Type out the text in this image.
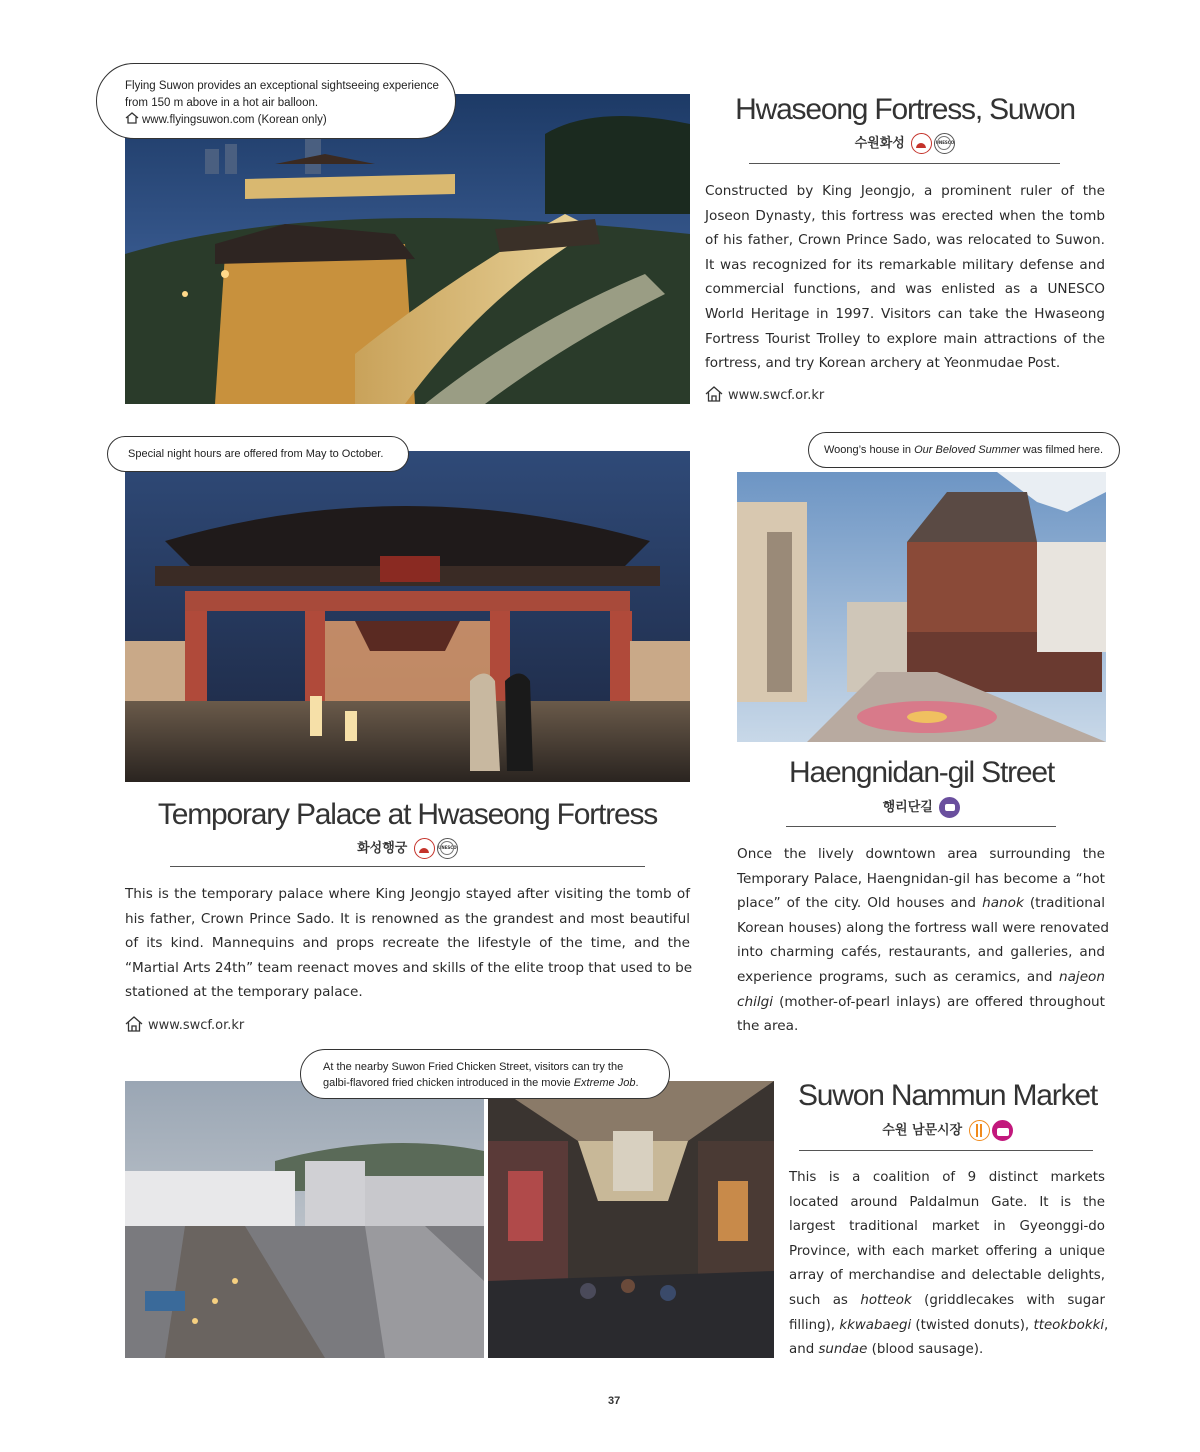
Flying Suwon provides an exceptional sightseeing experience
from 150 m above in a hot air balloon.
www.flyingsuwon.com (Korean only)	Hwaseong Fortress, Suwon
수원화성	UNESCO
Constructed by King Jeongjo, a prominent ruler of the
Joseon Dynasty, this fortress was erected when the tomb
of his father, Crown Prince Sado, was relocated to Suwon.
It was recognized for its remarkable military defense and
commercial functions, and was enlisted as a UNESCO
World Heritage in 1997. Visitors can take the Hwaseong
Fortress Tourist Trolley to explore main attractions of the
fortress, and try Korean archery at Yeonmudae Post.
www.swcf.or.kr
Special night hours are offered from May to October.
Temporary Palace at Hwaseong Fortress
화성행궁	UNESCO
This is the temporary palace where King Jeongjo stayed after visiting the tomb of
his father, Crown Prince Sado. It is renowned as the grandest and most beautiful
of its kind. Mannequins and props recreate the lifestyle of the time, and the
“Martial Arts 24th” team reenact moves and skills of the elite troop that used to be
stationed at the temporary palace.
www.swcf.or.kr
Woong’s house in Our Beloved Summer was filmed here.
Haengnidan-gil Street
행리단길
Once the lively downtown area surrounding the
Temporary Palace, Haengnidan-gil has become a “hot
place” of the city. Old houses and hanok (traditional
Korean houses) along the fortress wall were renovated
into charming cafés, restaurants, and galleries, and
experience programs, such as ceramics, and najeon
chilgi (mother-of-pearl inlays) are offered throughout
the area.
At the nearby Suwon Fried Chicken Street, visitors can try the
galbi-flavored fried chicken introduced in the movie Extreme Job.	Suwon Nammun Market
수원 남문시장
This is a coalition of 9 distinct markets
located around Paldalmun Gate. It is the
largest traditional market in Gyeonggi-do
Province, with each market offering a unique
array of merchandise and delectable delights,
such as hotteok (griddlecakes with sugar
filling), kkwabaegi (twisted donuts), tteokbokki,
and sundae (blood sausage).
37
